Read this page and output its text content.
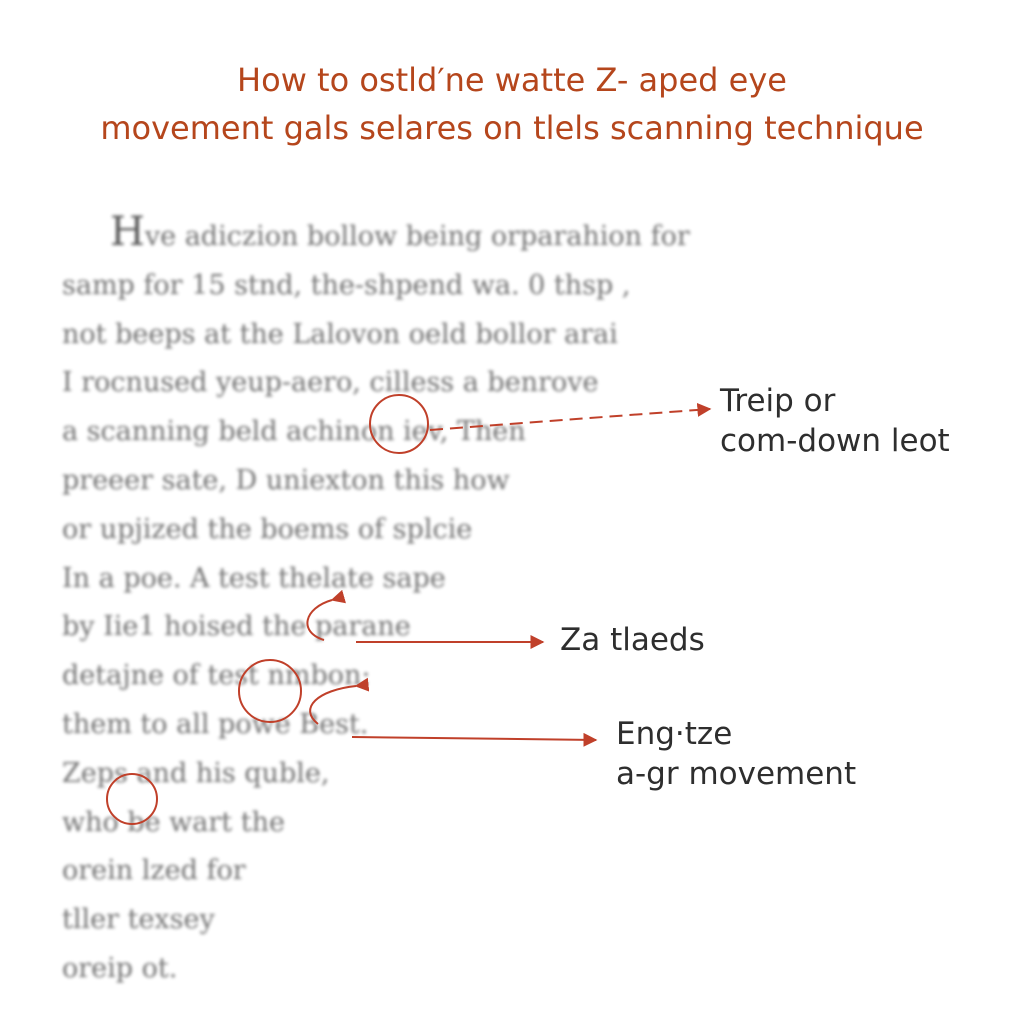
How to ostld′ne watte Z- aped eye
movement gals selares on tlels scanning technique
Hve adiczion bollow being orparahion for
samp for 15 stnd, the-shpend wa. 0 thsp ,
not beeps at the Lalovon oeld bollor arai
I rocnused yeup-aero, cilless a benrove
a scanning beld achinon iev, Then
preeer sate, D uniexton this how
or upjized the boems of splcie
In a poe. A test thelate sape
by Iie1 hoised the parane
detajne of test nmbon:
them to all powe Best.
Zeps and his quble,
who be wart the
orein lzed for
tller texsey
oreip ot.
Treip or
com-down leot
Za tlaeds
Eng·tze
a-gr movement
